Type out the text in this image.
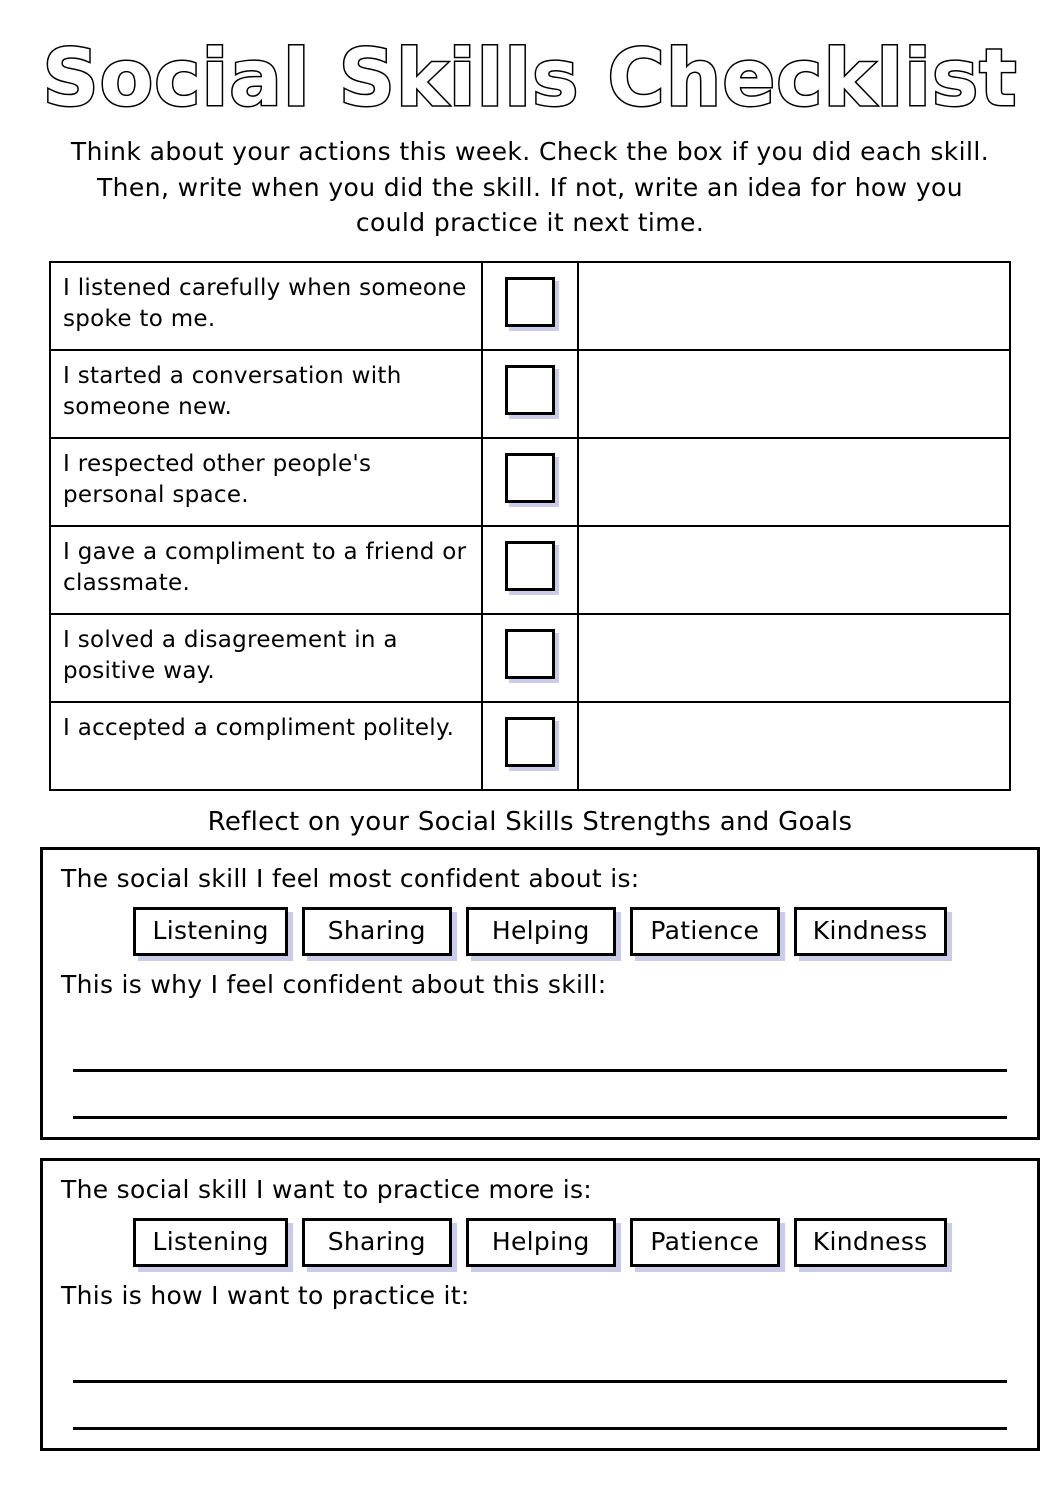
Social Skills Checklist

Think about your actions this week. Check the box if you did each skill. Then, write when you did the skill. If not, write an idea for how you could practice it next time.

I listened carefully when someone spoke to me.		

I started a conversation with someone new.		

I respected other people's personal space.		

I gave a compliment to a friend or classmate.		

I solved a disagreement in a positive way.		

I accepted a compliment politely.		

Reflect on your Social Skills Strengths and Goals
The social skill I feel most confident about is:
Listening	Sharing	Helping	Patience	Kindness
This is why I feel confident about this skill:
The social skill I want to practice more is:
Listening	Sharing	Helping	Patience	Kindness
This is how I want to practice it:
